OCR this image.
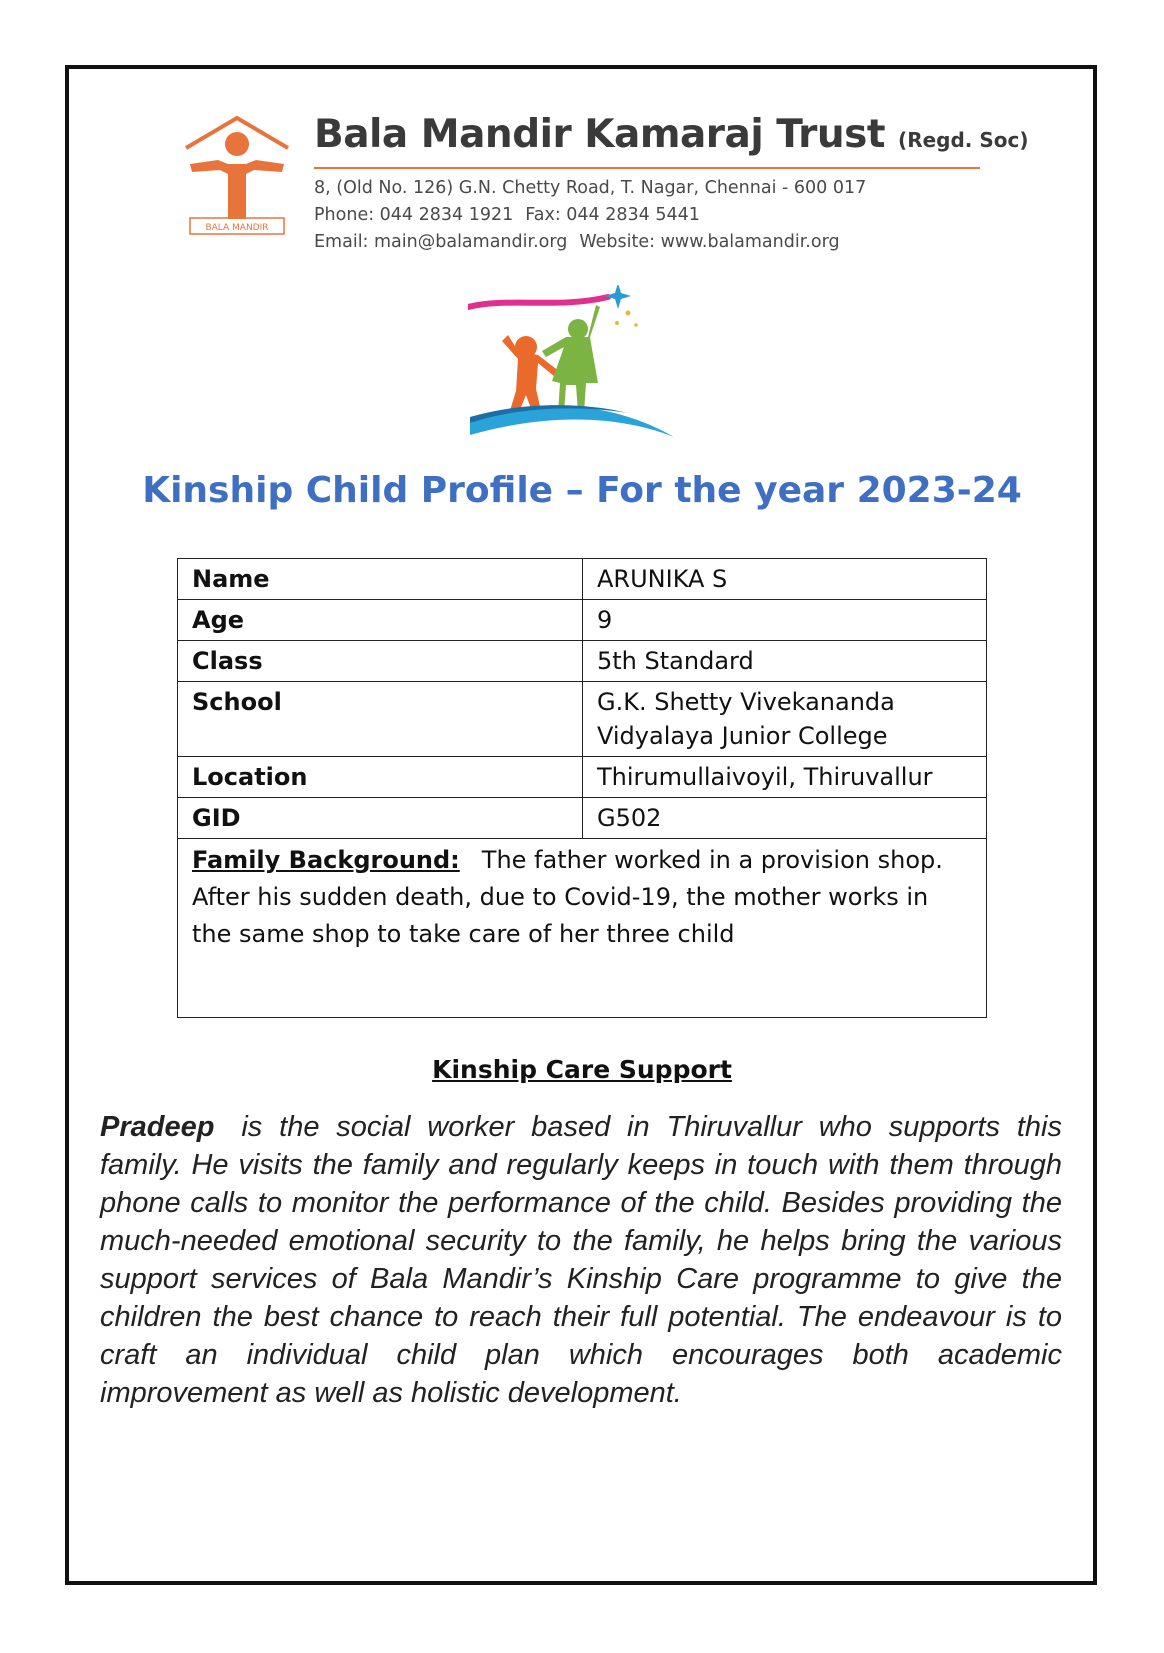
BALA MANDIR
Bala Mandir Kamaraj Trust (Regd. Soc)
8, (Old No. 126) G.N. Chetty Road, T. Nagar, Chennai - 600 017
Phone: 044 2834 1921 Fax: 044 2834 5441
Email: main@balamandir.org Website: www.balamandir.org
Kinship Child Profile – For the year 2023-24
Name	ARUNIKA S
Age	9
Class	5th Standard
School	G.K. Shetty Vivekananda Vidyalaya Junior College
Location	Thirumullaivoyil, Thiruvallur
GID	G502
Family Background: The father worked in a provision shop. After his sudden death, due to Covid-19, the mother works in the same shop to take care of her three child	
Kinship Care Support
Pradeep is the social worker based in Thiruvallur who supports this family. He visits the family and regularly keeps in touch with them through phone calls to monitor the performance of the child. Besides providing the much-needed emotional security to the family, he helps bring the various support services of Bala Mandir’s Kinship Care programme to give the children the best chance to reach their full potential. The endeavour is to craft an individual child plan which encourages both academic improvement as well as holistic development.
